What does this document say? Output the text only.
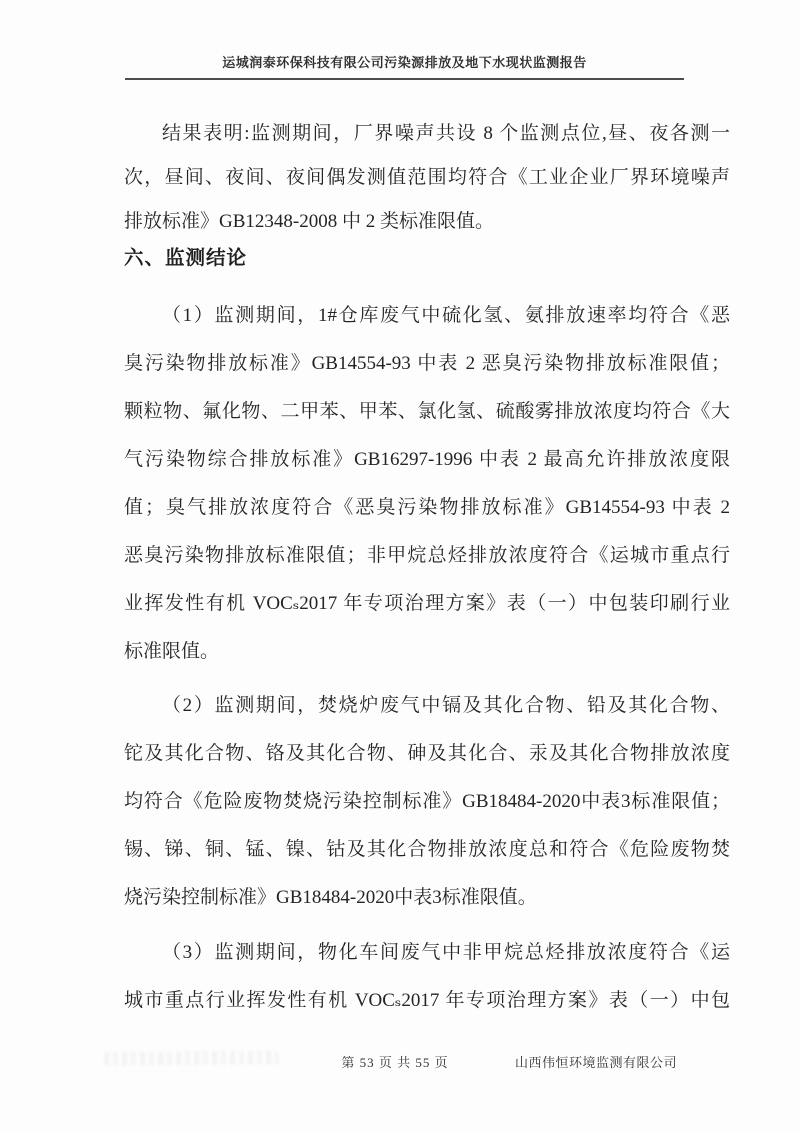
运城润泰环保科技有限公司污染源排放及地下水现状监测报告
结果表明:监测期间，厂界噪声共设 8 个监测点位,昼、夜各测一
次，昼间、夜间、夜间偶发测值范围均符合《工业企业厂界环境噪声
排放标准》GB12348-2008 中 2 类标准限值。
六、监测结论
（1）监测期间，1#仓库废气中硫化氢、氨排放速率均符合《恶
臭污染物排放标准》GB14554-93 中表 2 恶臭污染物排放标准限值；
颗粒物、氟化物、二甲苯、甲苯、氯化氢、硫酸雾排放浓度均符合《大
气污染物综合排放标准》GB16297-1996 中表 2 最高允许排放浓度限
值；臭气排放浓度符合《恶臭污染物排放标准》GB14554-93 中表 2
恶臭污染物排放标准限值；非甲烷总烃排放浓度符合《运城市重点行
业挥发性有机 VOCₛ2017 年专项治理方案》表（一）中包装印刷行业
标准限值。
（2）监测期间，焚烧炉废气中镉及其化合物、铅及其化合物、
铊及其化合物、铬及其化合物、砷及其化合、汞及其化合物排放浓度
均符合《危险废物焚烧污染控制标准》GB18484-2020中表3标准限值；
锡、锑、铜、锰、镍、钴及其化合物排放浓度总和符合《危险废物焚
烧污染控制标准》GB18484-2020中表3标准限值。
（3）监测期间，物化车间废气中非甲烷总烃排放浓度符合《运
城市重点行业挥发性有机 VOCₛ2017 年专项治理方案》表（一）中包
第 53 页 共 55 页	山西伟恒环境监测有限公司
